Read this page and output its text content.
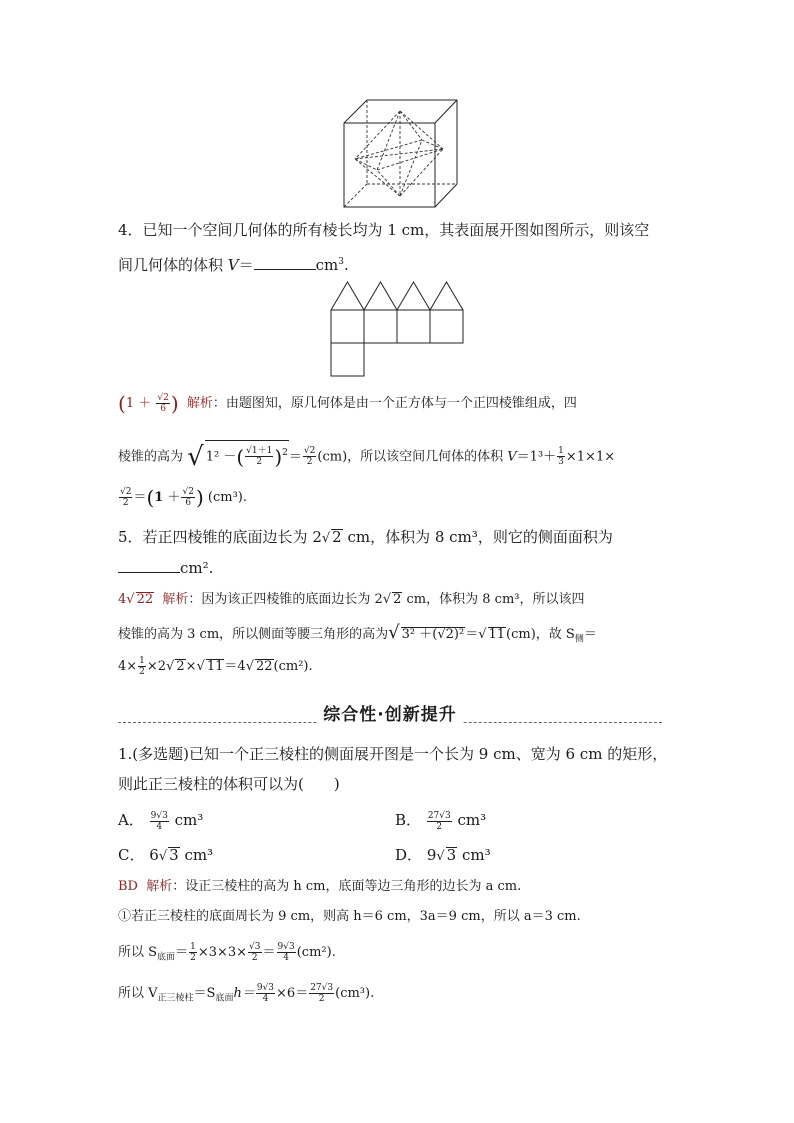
4．已知一个空间几何体的所有棱长均为 1 cm，其表面展开图如图所示，则该空
间几何体的体积 V＝	$cm^3$.
($1 + \frac{√2}{6}$ ) 解析：由题图知，原几何体是由一个正方体与一个正四棱锥组成，四
棱锥的高为 √ 1² －( $\frac{√1+1}{2} )^2= \frac{√2}{2} (cm)$，所以该空间几何体的体积 $V=1^3+ \frac{1}{3} \times 1\times 1\times$
$\frac{√2}{2} =(1 + \frac{√2}{6}$ ) (cm³).
5．若正四棱锥的底面边长为 2√ 2 cm，体积为 8 cm³，则它的侧面面积为
cm².
4√ 22 解析：因为该正四棱锥的底面边长为 2√ 2 cm，体积为 8 cm³，所以该四
棱锥的高为 3 cm，所以侧面等腰三角形的高为√ 3² ＋(√2)²＝√ 11(cm)，故 $S_侧=$
$4\times \frac{1}{2} \times 2√$ 2×√ 11＝4√ 22(cm²).
综合性·创新提升
1.(多选题)已知一个正三棱柱的侧面展开图是一个长为 9 cm、宽为 6 cm 的矩形，
则此正三棱柱的体积可以为(　　)
A． $\frac{9√3}{4} cm^3$	B． $\frac{27√3}{2} cm^3$
C． 6√ 3 cm³	D． 9√ 3 cm³
BD 解析：设正三棱柱的高为 h cm，底面等边三角形的边长为 a cm.
①若正三棱柱的底面周长为 9 cm，则高 h＝6 cm，3a＝9 cm，所以 a＝3 cm.
所以 $S_{底面}= \frac{1}{2} \times 3\times 3\times \frac{√3}{2} = \frac{9√3}{4} (cm^2)$.
所以 $V_{正三棱柱}=S_{底面}h= \frac{9√3}{4} \times 6= \frac{27√3}{2} (cm^3)$.
